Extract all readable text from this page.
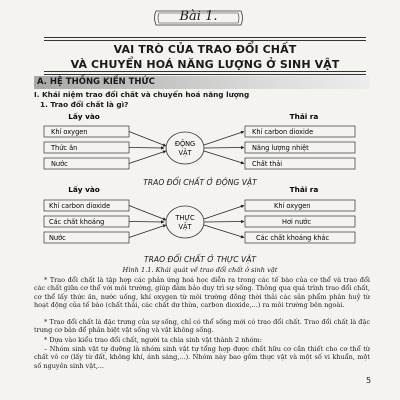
Bài 1.
VAI TRÒ CỦA TRAO ĐỔI CHẤT
VÀ CHUYỂN HOÁ NĂNG LƯỢNG Ở SINH VẬT
A. HỆ THỐNG KIẾN THỨC
I. Khái niệm trao đổi chất và chuyển hoá năng lượng
1. Trao đổi chất là gì?
Lấy vào	Thải ra
Khí oxygen
Thức ăn
Nước
ĐỘNG
VẬT
Khí carbon dioxide
Năng lượng nhiệt
Chất thải
Lấy vào	Thải ra
Khí carbon dioxide
Các chất khoáng
Nước
THỰC
VẬT
Khí oxygen
Hơi nước
Các chất khoáng khác
TRAO ĐỔI CHẤT Ở ĐỘNG VẬT
TRAO ĐỔI CHẤT Ở THỰC VẬT
Hình 1.1. Khái quát về trao đổi chất ở sinh vật
* Trao đổi chất là tập hợp các phản ứng hoá học diễn ra trong các tế bào của cơ thể và trao đổi các chất giữa cơ thể với môi trường, giúp đảm bảo duy trì sự sống. Thông qua quá trình trao đổi chất, cơ thể lấy thức ăn, nước uống, khí oxygen từ môi trường đồng thời thải các sản phẩm phân huỷ từ hoạt động của tế bào (chất thải, các chất dư thừa, carbon dioxide,...) ra môi trường bên ngoài.
* Trao đổi chất là đặc trưng của sự sống, chỉ có thể sống mới có trao đổi chất. Trao đổi chất là đặc trưng cơ bản để phân biệt vật sống và vật không sống.
* Dựa vào kiểu trao đổi chất, người ta chia sinh vật thành 2 nhóm:
– Nhóm sinh vật tự dưỡng là nhóm sinh vật tự tổng hợp được chất hữu cơ cần thiết cho cơ thể từ chất vô cơ (lấy từ đất, không khí, ánh sáng,...). Nhóm này bao gồm thực vật và một số vi khuẩn, một số nguyên sinh vật,...
5
